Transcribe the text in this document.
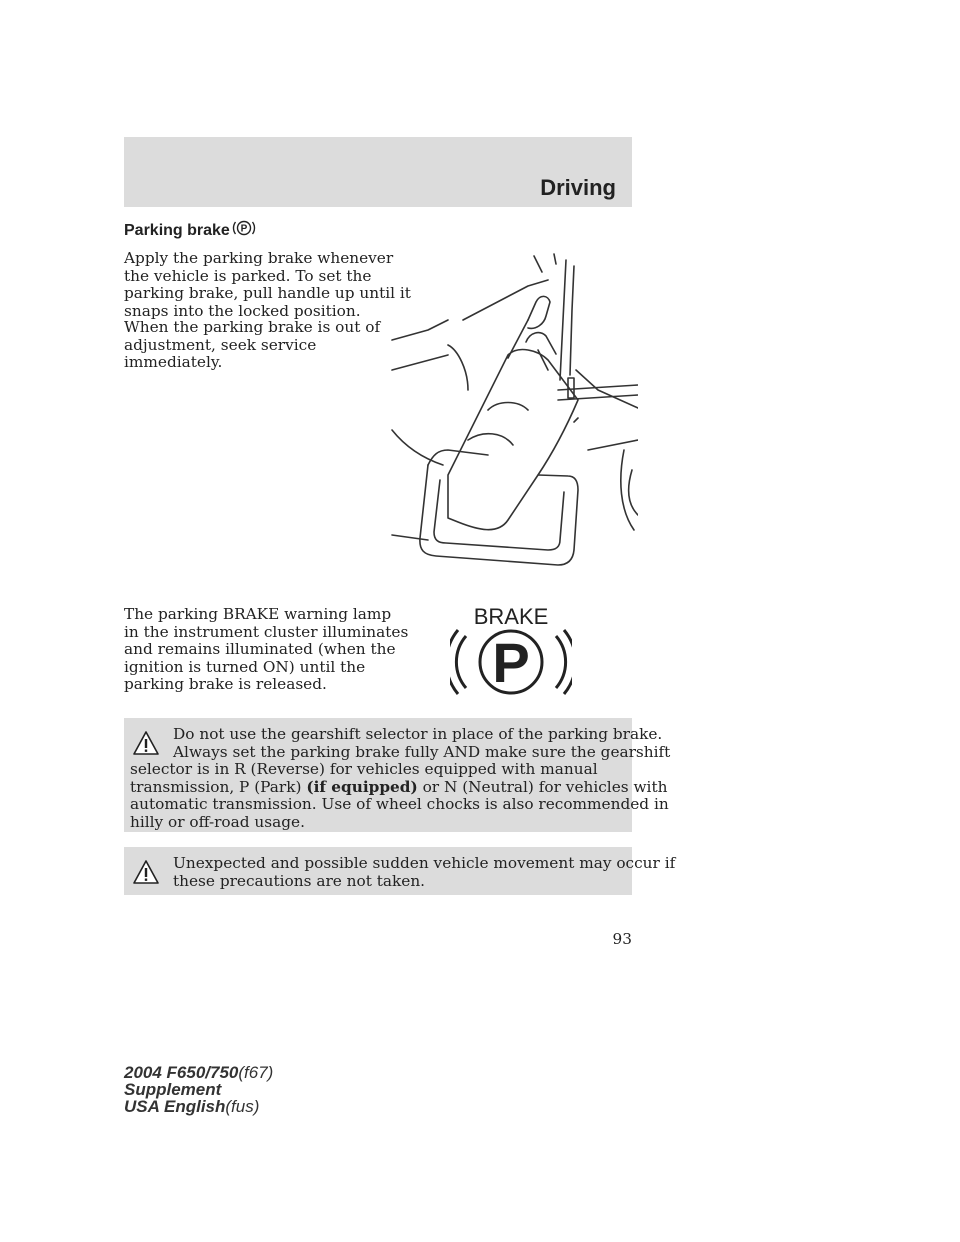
Driving
Parking brake P
Apply the parking brake whenever
the vehicle is parked. To set the
parking brake, pull handle up until it
snaps into the locked position.
When the parking brake is out of
adjustment, seek service
immediately.
The parking BRAKE warning lamp
in the instrument cluster illuminates
and remains illuminated (when the
ignition is turned ON) until the
parking brake is released.
BRAKE
P
Do not use the gearshift selector in place of the parking brake.
Always set the parking brake fully AND make sure the gearshift
selector is in R (Reverse) for vehicles equipped with manual
transmission, P (Park) (if equipped) or N (Neutral) for vehicles with
automatic transmission. Use of wheel chocks is also recommended in
hilly or off-road usage.
Unexpected and possible sudden vehicle movement may occur if
these precautions are not taken.
93
2004 F650/750(f67)
Supplement
USA English(fus)
